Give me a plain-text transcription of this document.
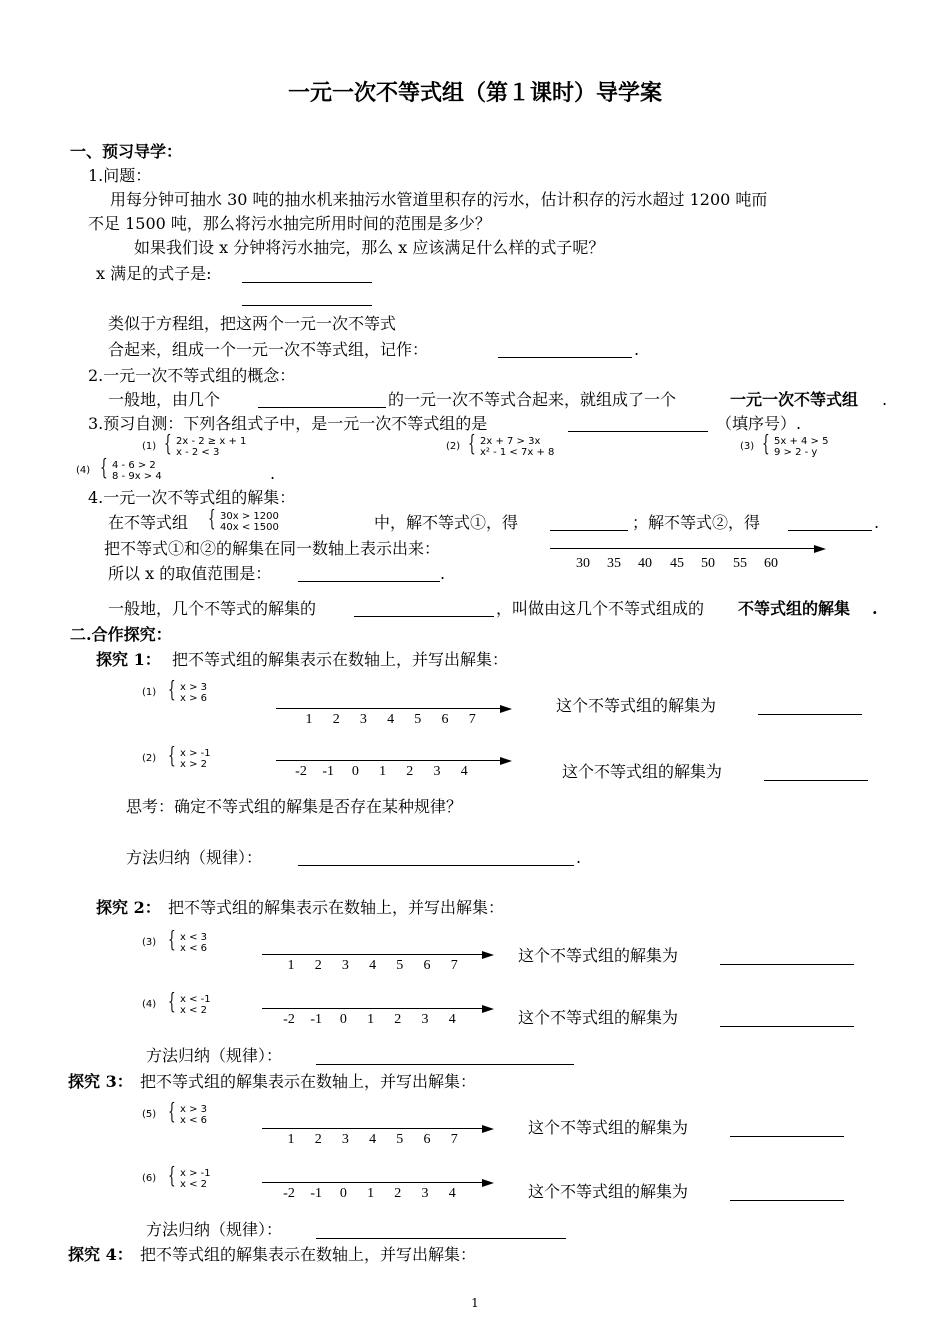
一元一次不等式组（第１课时）导学案
一、预习导学：
1.问题：
用每分钟可抽水 30 吨的抽水机来抽污水管道里积存的污水，估计积存的污水超过 1200 吨而
不足 1500 吨，那么将污水抽完所用时间的范围是多少？
如果我们设 x 分钟将污水抽完，那么 x 应该满足什么样的式子呢？
x 满足的式子是:
类似于方程组，把这两个一元一次不等式
合起来，组成一个一元一次不等式组，记作：	.
2.一元一次不等式组的概念：
一般地，由几个	的一元一次不等式合起来，就组成了一个	一元一次不等式组 .
3.预习自测：下列各组式子中，是一元一次不等式组的是	（填序号）.
(1) { 2x - 2 ≥ x + 1
x - 2 < 3
(2) { 2x + 7 > 3x
x² - 1 < 7x + 8
(3) { 5x + 4 > 5
9 > 2 - y
(4) { 4 - 6 > 2
8 - 9x > 4	.
4.一元一次不等式组的解集：
在不等式组 { 30x > 1200
40x < 1500	中，解不等式①，得	；解不等式②，得	.
把不等式①和②的解集在同一数轴上表示出来：
30 35 40 45 50 55 60
所以 x 的取值范围是：	.
一般地，几个不等式的解集的	，叫做由这几个不等式组成的 不等式组的解集 .
二.合作探究：
探究 1： 把不等式组的解集表示在数轴上，并写出解集：
(1) { x > 3
x > 6
1	2	3	4	5	6	7
这个不等式组的解集为
(2) { x > -1
x > 2	-2 -1	0	1	2	3	4	这个不等式组的解集为
(3) { x < 3
x < 6
1	2	3	4	5	6	7
这个不等式组的解集为
(4) { x < -1
x < 2
-2 -1	0	1	2	3	4	这个不等式组的解集为
(5) { x > 3
x < 6
1	2	3	4	5	6	7
这个不等式组的解集为
(6) { x > -1
x < 2
-2 -1	0	1	2	3	4	这个不等式组的解集为
思考：确定不等式组的解集是否存在某种规律？
方法归纳（规律）：	.
探究 2： 把不等式组的解集表示在数轴上，并写出解集：
方法归纳（规律）：
探究 3： 把不等式组的解集表示在数轴上，并写出解集：
方法归纳（规律）：
探究 4： 把不等式组的解集表示在数轴上，并写出解集：
1
